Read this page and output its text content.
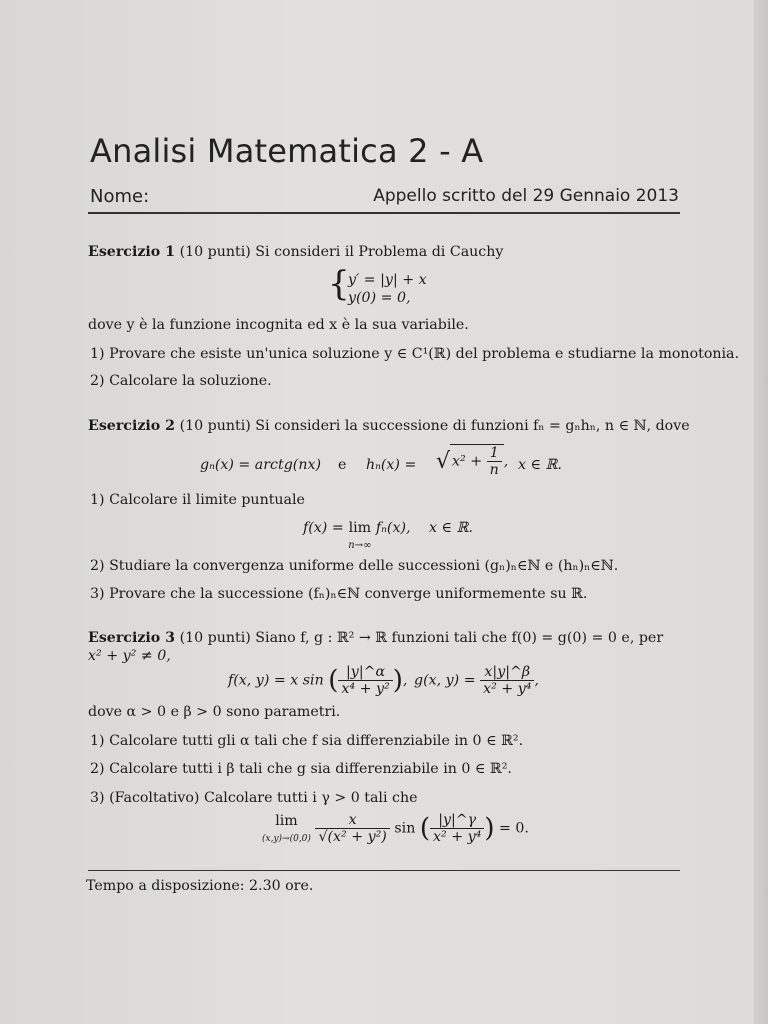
Analisi Matematica 2 - A
Nome:	Appello scritto del 29 Gennaio 2013
Esercizio 1 (10 punti) Si consideri il Problema di Cauchy
{
y′ = |y| + x
y(0) = 0,
dove y è la funzione incognita ed x è la sua variabile.
1) Provare che esiste un'unica soluzione y ∈ C¹(ℝ) del problema e studiarne la monotonia.
2) Calcolare la soluzione.
Esercizio 2 (10 punti) Si consideri la successione di funzioni fₙ = gₙhₙ, n ∈ ℕ, dove
gₙ(x) = arctg(nx) e hₙ(x) = √ $x^2 + \frac{1}{n}$ , x ∈ ℝ.
1) Calcolare il limite puntuale
f(x) = lim
n→∞ fₙ(x), x ∈ ℝ.
2) Studiare la convergenza uniforme delle successioni (gₙ)ₙ∈ℕ e (hₙ)ₙ∈ℕ.
3) Provare che la successione (fₙ)ₙ∈ℕ converge uniformemente su ℝ.
Esercizio 3 (10 punti) Siano f, g : ℝ² → ℝ funzioni tali che f(0) = g(0) = 0 e, per
x² + y² ≠ 0,
f(x, y) = x sin ( $\frac{|y|\^{}\alpha}{\text{x⁴ + y²}}$ ), g(x, $y) = \frac{x|y|\^{}\beta}{\text{x² + y⁴}}$ ,
dove α > 0 e β > 0 sono parametri.
1) Calcolare tutti gli α tali che f sia differenziabile in 0 ∈ ℝ².
2) Calcolare tutti i β tali che g sia differenziabile in 0 ∈ ℝ².
3) (Facoltativo) Calcolare tutti i γ > 0 tali che
lim
$(x,y)\to(0,0) \frac{x}{\text{√(x² + y²)}}$ sin ( $\frac{|y|\^{}\gamma}{\text{x² + y⁴}}$ ) = 0.
Tempo a disposizione: 2.30 ore.
